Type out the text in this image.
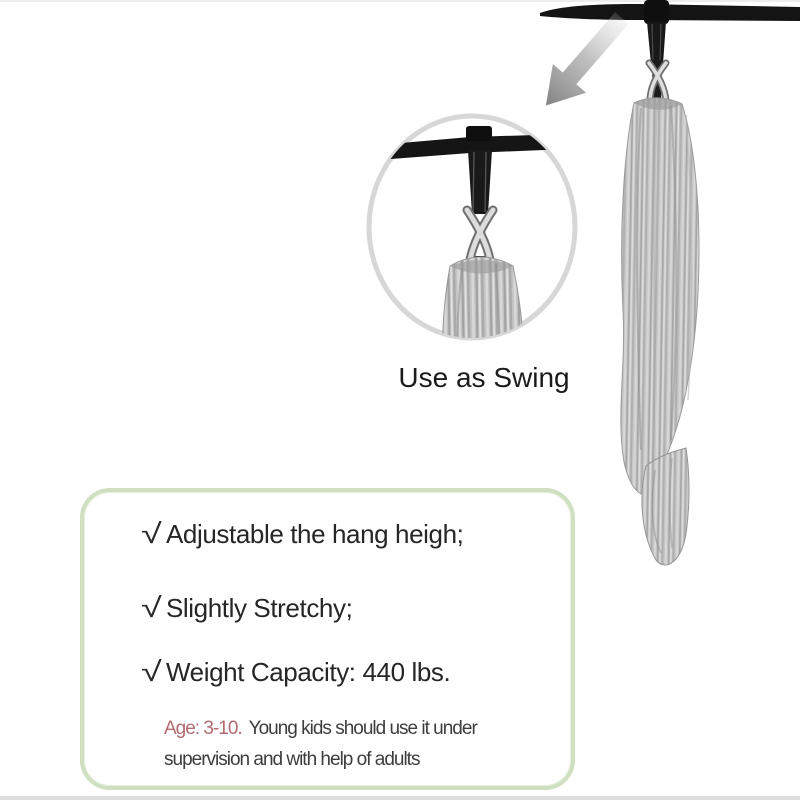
Use as Swing
√ Adjustable the hang heigh;
√ Slightly Stretchy;
√ Weight Capacity: 440 lbs.
Age: 3-10. Young kids should use it under
supervision and with help of adults
